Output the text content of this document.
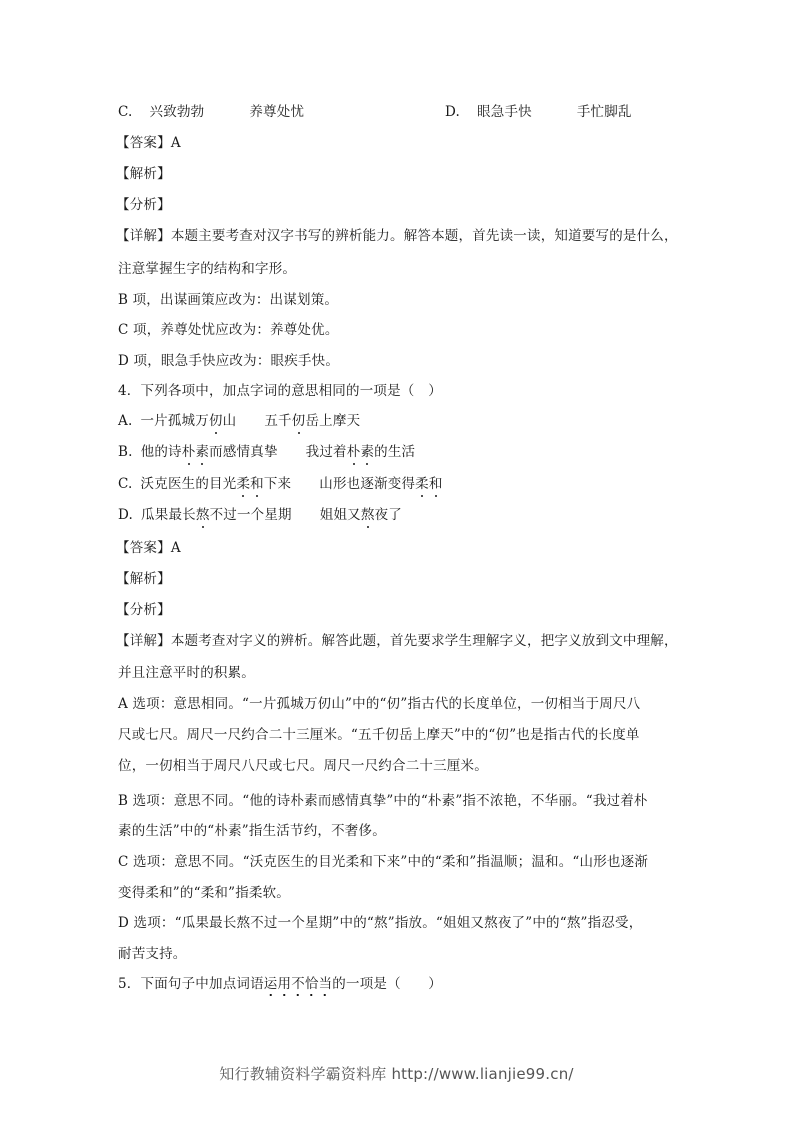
C. 兴致勃勃	养尊处忧	D. 眼急手快	手忙脚乱
【答案】A
【解析】
【分析】
【详解】本题主要考查对汉字书写的辨析能力。解答本题，首先读一读，知道要写的是什么，
注意掌握生字的结构和字形。
B 项，出谋画策应改为：出谋划策。
C 项，养尊处忧应改为：养尊处优。
D 项，眼急手快应改为：眼疾手快。
4．下列各项中，加点字词的意思相同的一项是（　）
A. 一片孤城万仞山 五千仞岳上摩天
B. 他的诗朴素而感情真挚 我过着朴素的生活
C. 沃克医生的目光柔和下来 山形也逐渐变得柔和
D. 瓜果最长熬不过一个星期 姐姐又熬夜了
【答案】A
【解析】
【分析】
【详解】本题考查对字义的辨析。解答此题，首先要求学生理解字义，把字义放到文中理解，
并且注意平时的积累。
A 选项：意思相同。“一片孤城万仞山”中的“仞”指古代的长度单位，一仞相当于周尺八
尺或七尺。周尺一尺约合二十三厘米。“五千仞岳上摩天”中的“仞”也是指古代的长度单
位，一仞相当于周尺八尺或七尺。周尺一尺约合二十三厘米。
B 选项：意思不同。“他的诗朴素而感情真挚”中的“朴素”指不浓艳，不华丽。“我过着朴
素的生活”中的“朴素”指生活节约，不奢侈。
C 选项：意思不同。“沃克医生的目光柔和下来”中的“柔和”指温顺；温和。“山形也逐渐
变得柔和”的“柔和”指柔软。
D 选项：“瓜果最长熬不过一个星期”中的“熬”指放。“姐姐又熬夜了”中的“熬”指忍受，
耐苦支持。
5．下面句子中加点词语运用不恰当的一项是（　　）
知行教辅资料学霸资料库 http://www.lianjie99.cn/
